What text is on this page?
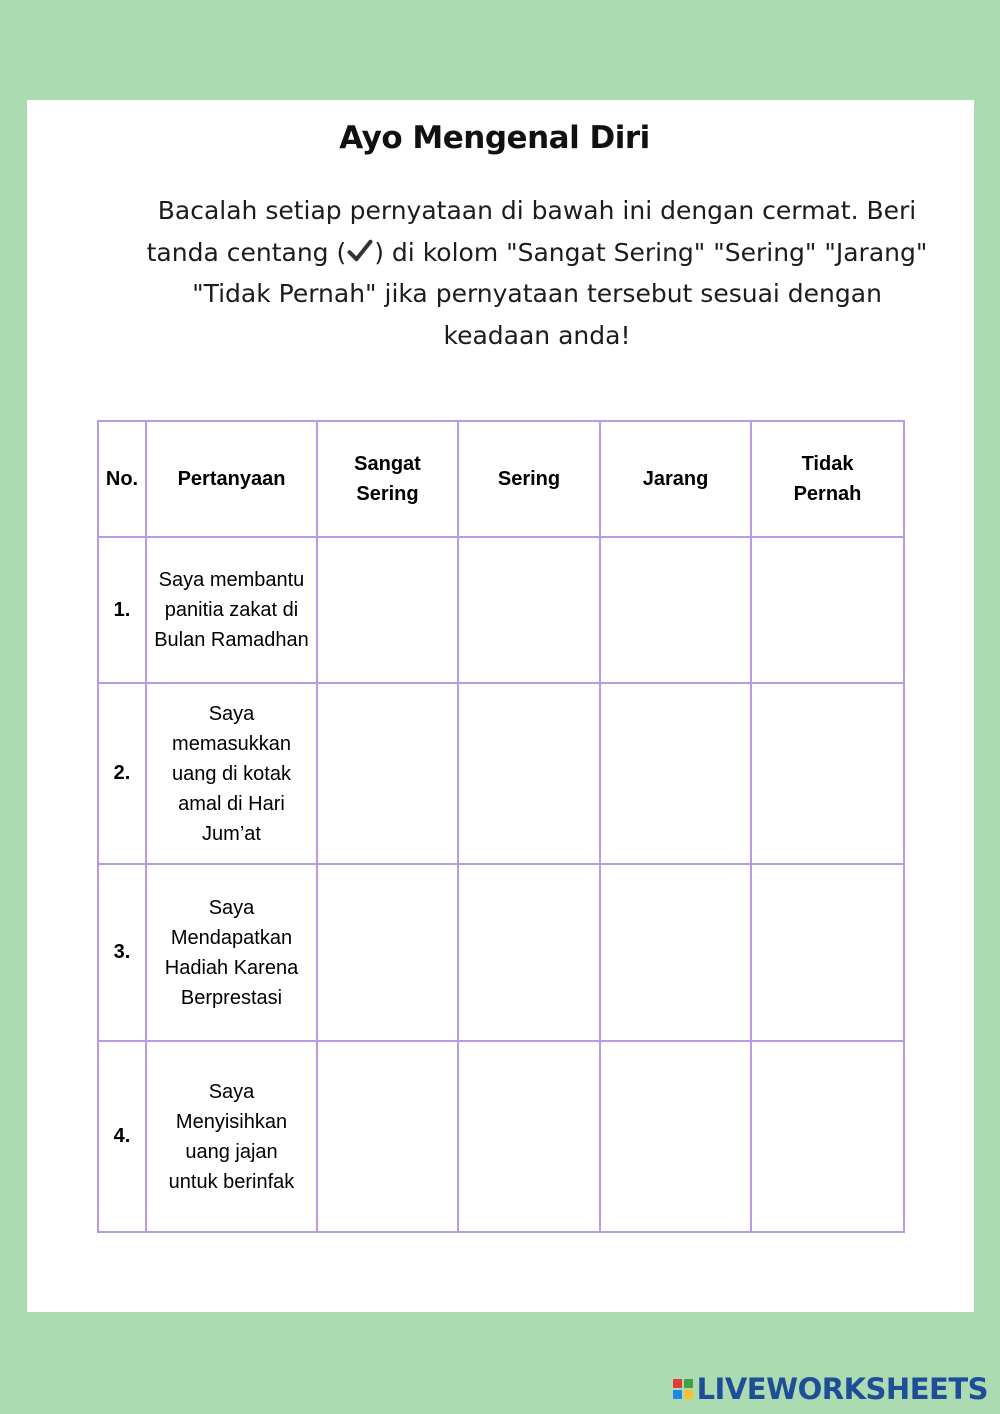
Ayo Mengenal Diri

Bacalah setiap pernyataan di bawah ini dengan cermat. Beri tanda centang ( ) di kolom "Sangat Sering" "Sering" "Jarang" "Tidak Pernah" jika pernyataan tersebut sesuai dengan keadaan anda!

No.	Pertanyaan	Sangat Sering	Sering	Jarang	Tidak Pernah
1.	Saya membantu panitia zakat di Bulan Ramadhan				
2.	Saya memasukkan uang di kotak amal di Hari Jum’at				
3.	Saya Mendapatkan Hadiah Karena Berprestasi				
4.	Saya Menyisihkan uang jajan untuk berinfak				
LIVEWORKSHEETS
